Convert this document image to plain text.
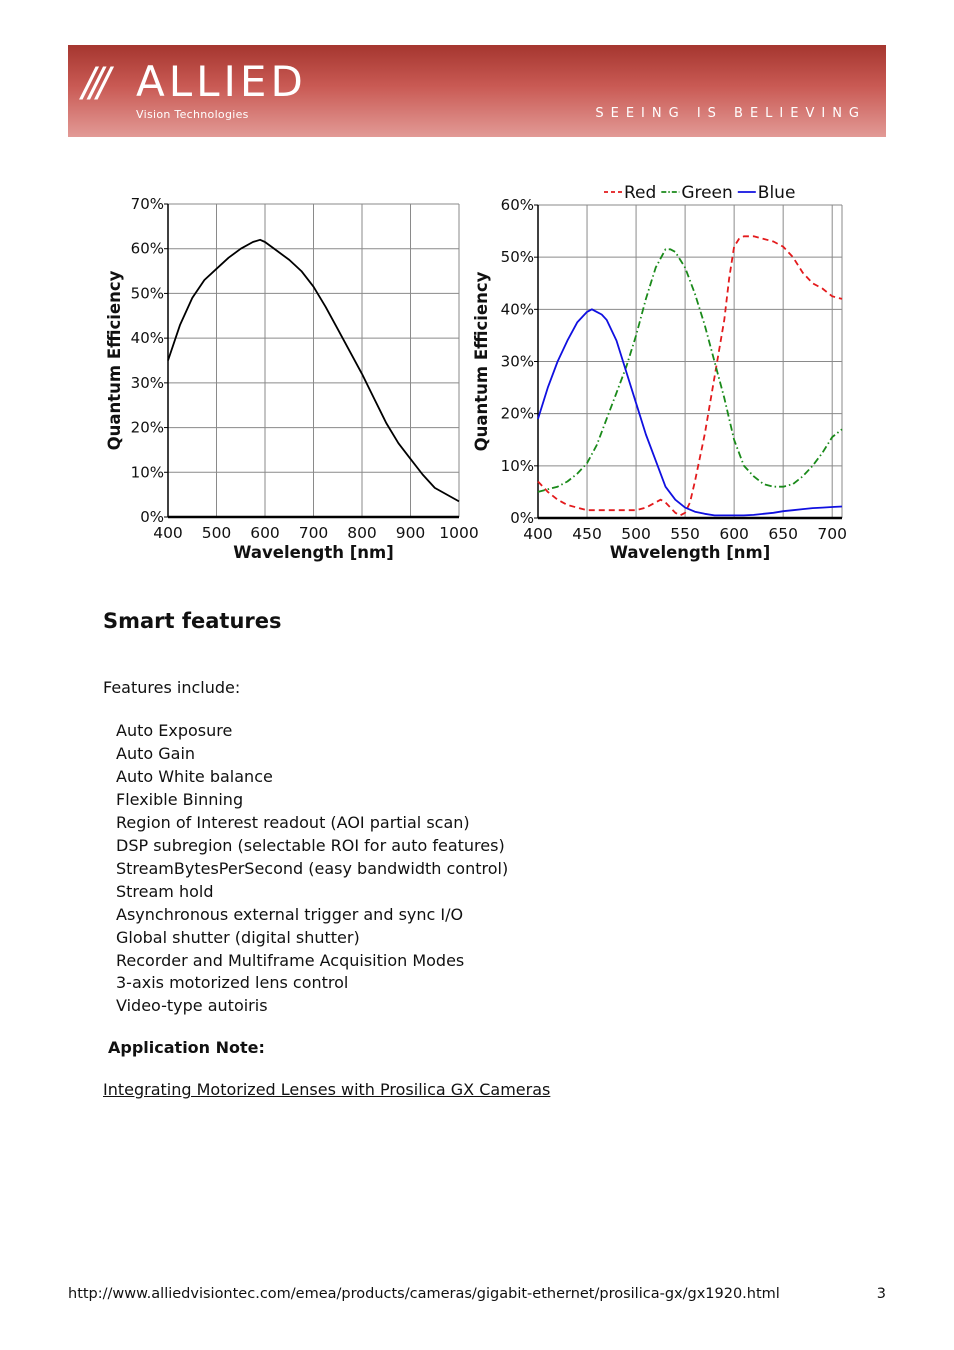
/// ALLIED
Vision Technologies	SEEING IS BELIEVING
0%
10%
20%
30%
40%
50%
60%
70%
400 500 600 700 800 900 1000
Wavelength [nm]
Quantum Efficiency
0%
10%
20%
30%
40%
50%
60%
400 450 500 550 600 650 700
Wavelength [nm]
Quantum Efficiency
Red Green Blue
Smart features
Features include:
Auto Exposure
Auto Gain
Auto White balance
Flexible Binning
Region of Interest readout (AOI partial scan)
DSP subregion (selectable ROI for auto features)
StreamBytesPerSecond (easy bandwidth control)
Stream hold
Asynchronous external trigger and sync I/O
Global shutter (digital shutter)
Recorder and Multiframe Acquisition Modes
3-axis motorized lens control
Video-type autoiris
Application Note:
Integrating Motorized Lenses with Prosilica GX Cameras
http://www.alliedvisiontec.com/emea/products/cameras/gigabit-ethernet/prosilica-gx/gx1920.html	3
